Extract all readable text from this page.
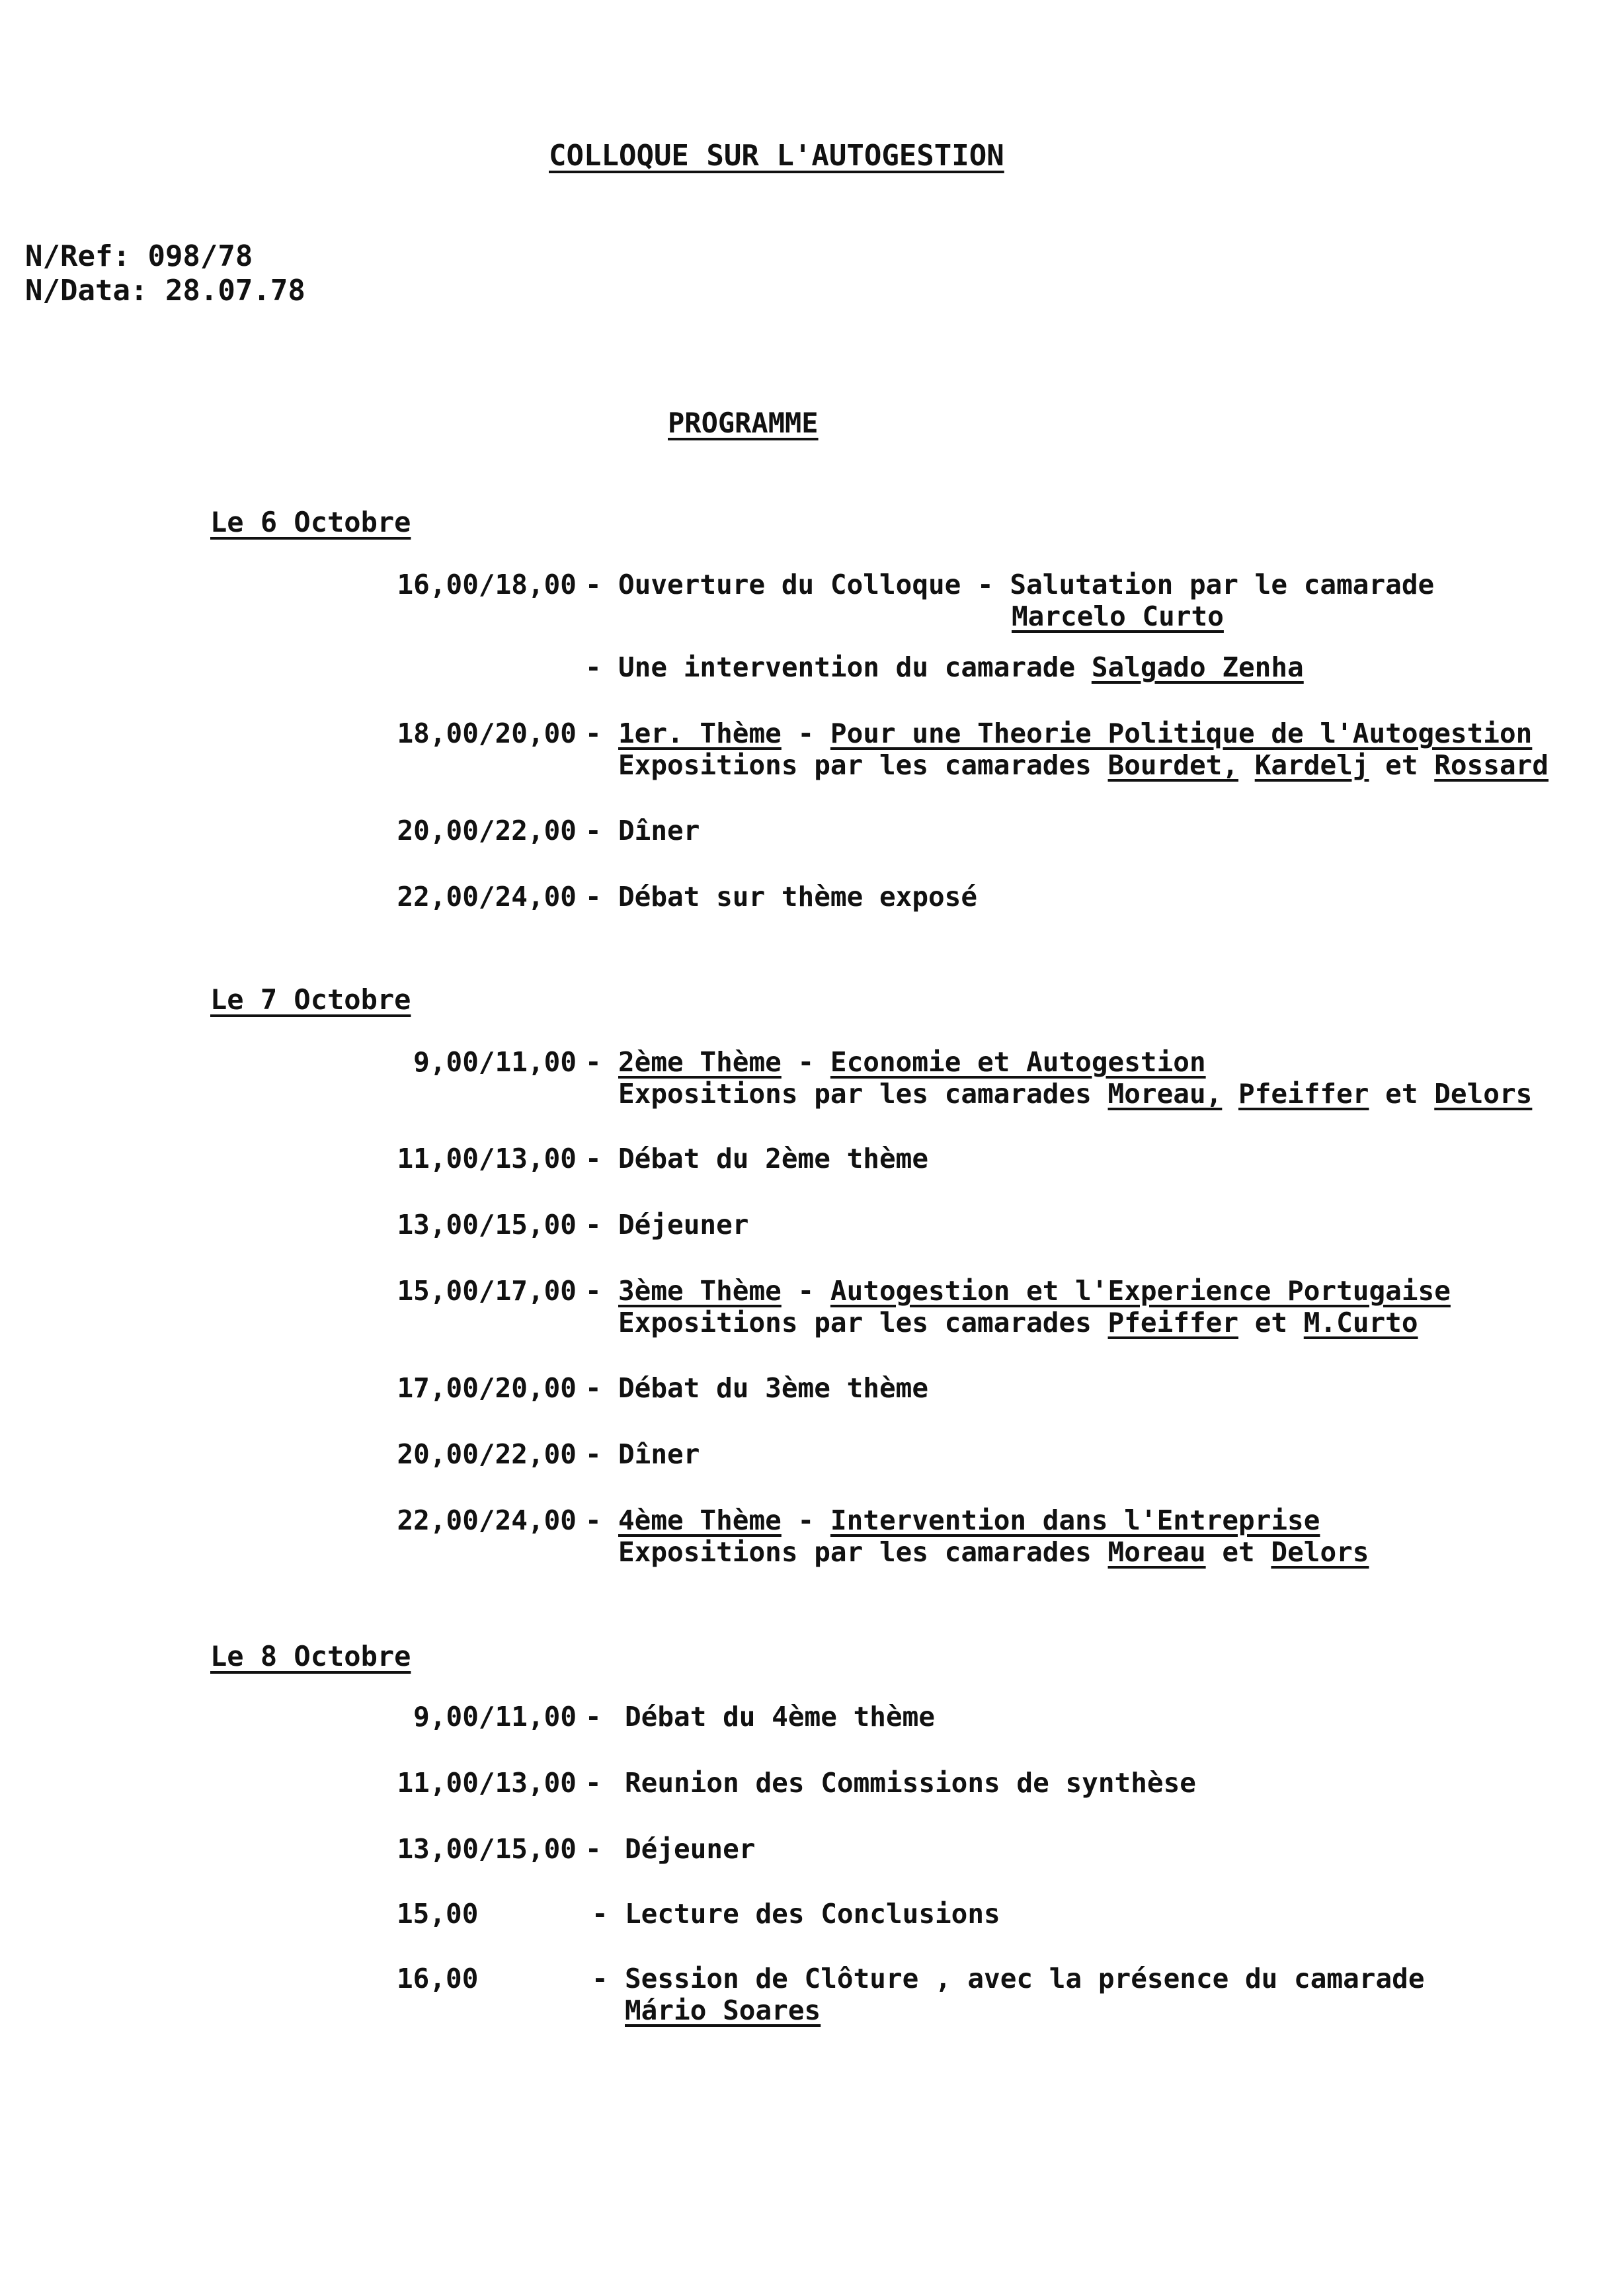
COLLOQUE SUR L'AUTOGESTION
N/Ref: 098/78
N/Data: 28.07.78
PROGRAMME
Le 6 Octobre
16,00/18,00 - Ouverture du Colloque - Salutation par le camarade
Marcelo Curto
- Une intervention du camarade Salgado Zenha
18,00/20,00 - 1er. Thème - Pour une Theorie Politique de l'Autogestion
Expositions par les camarades Bourdet, Kardelj et Rossard
20,00/22,00 - Dîner
22,00/24,00 - Débat sur thème exposé
Le 7 Octobre
9,00/11,00 - 2ème Thème - Economie et Autogestion
Expositions par les camarades Moreau, Pfeiffer et Delors
11,00/13,00 - Débat du 2ème thème
13,00/15,00 - Déjeuner
15,00/17,00 - 3ème Thème - Autogestion et l'Experience Portugaise
Expositions par les camarades Pfeiffer et M.Curto
17,00/20,00 - Débat du 3ème thème
20,00/22,00 - Dîner
22,00/24,00 - 4ème Thème - Intervention dans l'Entreprise
Expositions par les camarades Moreau et Delors
Le 8 Octobre
9,00/11,00 - Débat du 4ème thème
11,00/13,00 - Reunion des Commissions de synthèse
13,00/15,00 - Déjeuner
15,00	- Lecture des Conclusions
16,00	- Session de Clôture , avec la présence du camarade
Mário Soares
